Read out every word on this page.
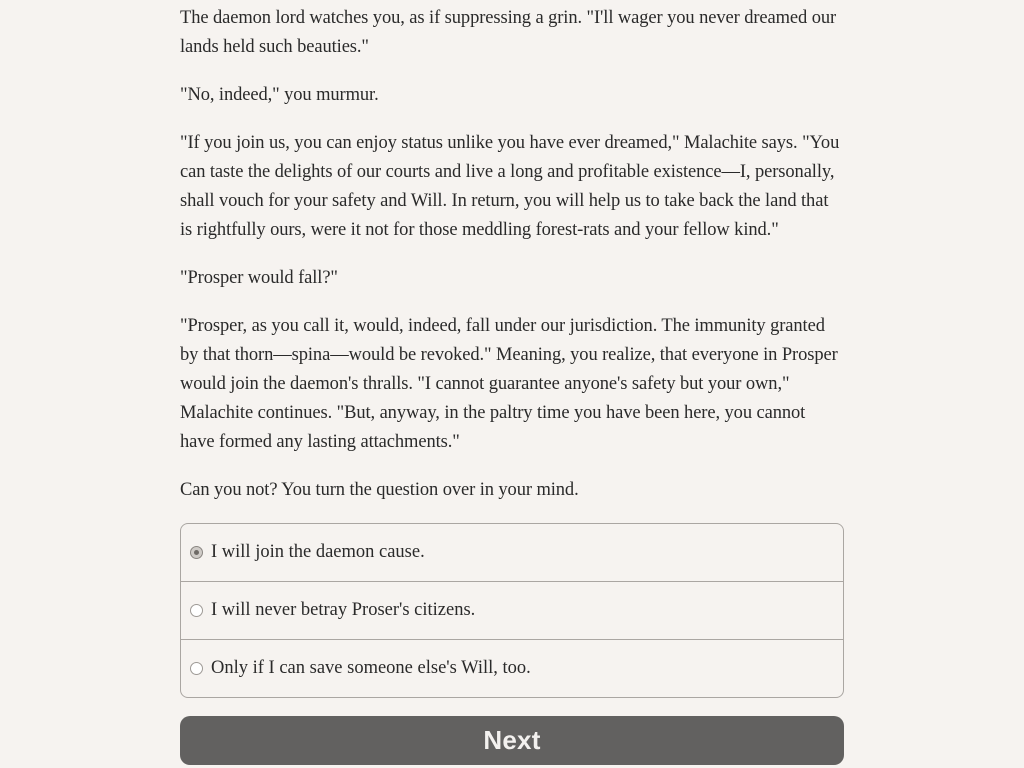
The daemon lord watches you, as if suppressing a grin. "I'll wager you never dreamed our lands held such beauties."

"No, indeed," you murmur.

"If you join us, you can enjoy status unlike you have ever dreamed," Malachite says. "You can taste the delights of our courts and live a long and profitable existence—I, personally, shall vouch for your safety and Will. In return, you will help us to take back the land that is rightfully ours, were it not for those meddling forest-rats and your fellow kind."

"Prosper would fall?"

"Prosper, as you call it, would, indeed, fall under our jurisdiction. The immunity granted by that thorn—spina—would be revoked." Meaning, you realize, that everyone in Prosper would join the daemon's thralls. "I cannot guarantee anyone's safety but your own," Malachite continues. "But, anyway, in the paltry time you have been here, you cannot have formed any lasting attachments."

Can you not? You turn the question over in your mind.

I will join the daemon cause.
I will never betray Proser's citizens.
Only if I can save someone else's Will, too.
Next
